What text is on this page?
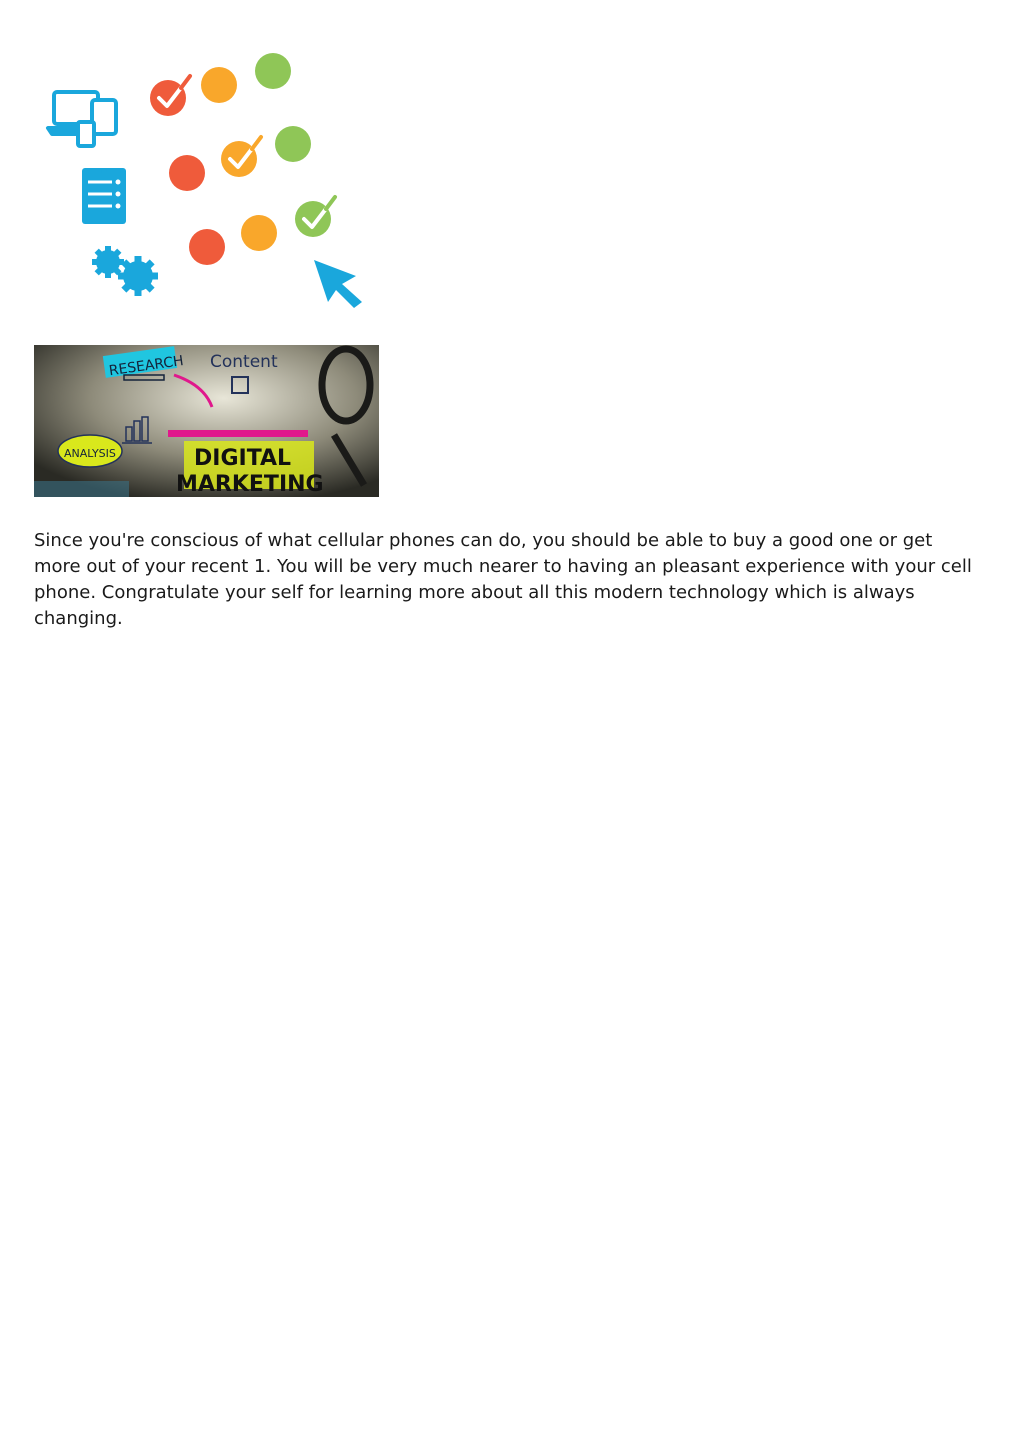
RESEARCH Content
ANALYSIS	DIGITAL
MARKETING

Since you're conscious of what cellular phones can do, you should be able to buy a good one or get more out of your recent 1. You will be very much nearer to having an pleasant experience with your cell phone. Congratulate your self for learning more about all this modern technology which is always changing.
